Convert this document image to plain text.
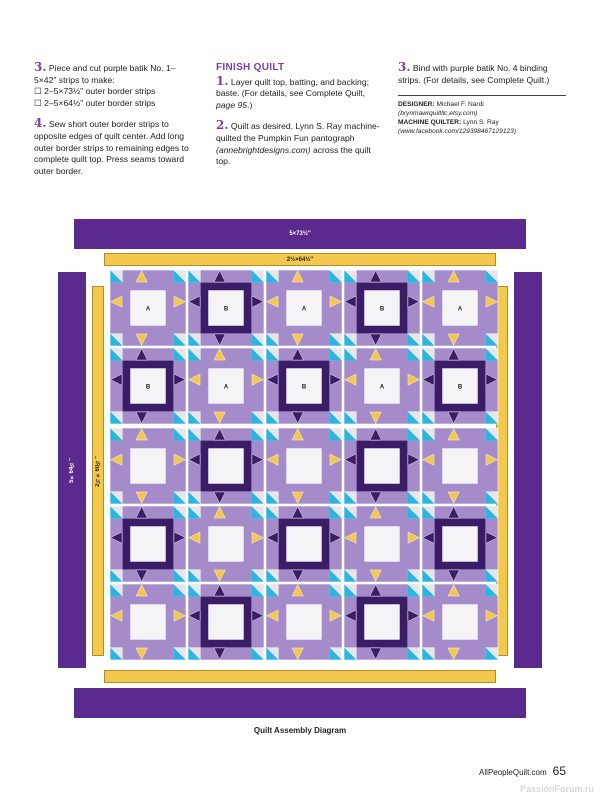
3. Piece and cut purple batik No. 1–5×42" strips to make:
☐ 2–5×73½" outer border strips
☐ 2–5×64½" outer border strips

4. Sew short outer border strips to opposite edges of quilt center. Add long outer border strips to remaining edges to complete quilt top. Press seams toward outer border.

FINISH QUILT

1. Layer quilt top, batting, and backing; baste. (For details, see Complete Quilt, page 95.)

2. Quilt as desired. Lynn S. Ray machine-quilted the Pumpkin Fun pantograph (annebrightdesigns.com) across the quilt top.

3. Bind with purple batik No. 4 binding strips. (For details, see Complete Quilt.)

DESIGNER: Michael F. Nardi
(brynmawrquiltllc.etsy.com)
MACHINE QUILTER: Lynn S. Ray
(www.facebook.com/129398467129123)
5×73½"
2½×64½"
5×64½"	2½×60½"
A	B	A	B	A
B	A	B	A	B
Quilt Assembly Diagram
AllPeopleQuilt.com 65
PassionForum.ru
